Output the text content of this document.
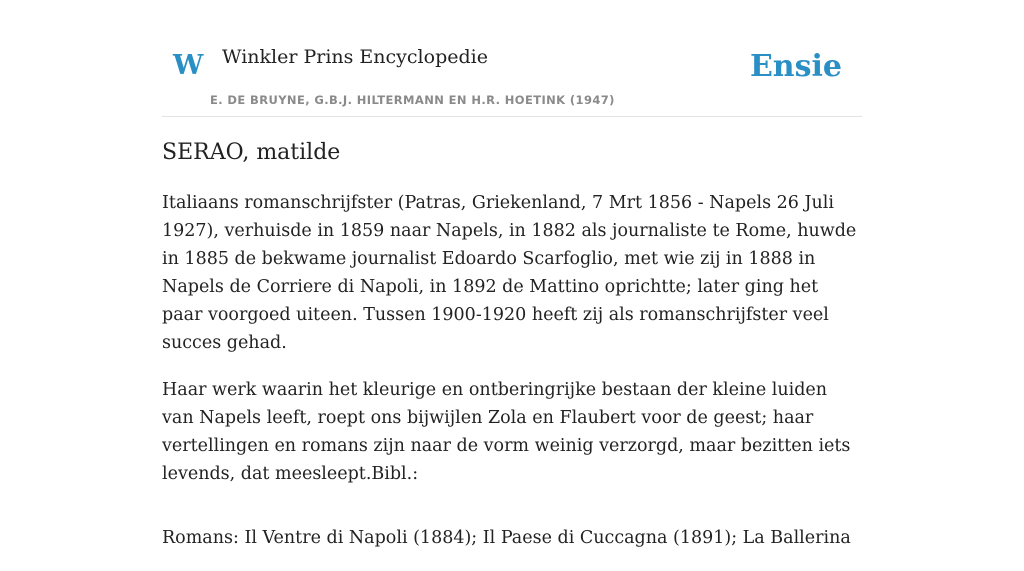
W Winkler Prins Encyclopedie
E. DE BRUYNE, G.B.J. HILTERMANN EN H.R. HOETINK (1947)
Ensie
SERAO, matilde

Italiaans romanschrijfster (Patras, Griekenland, 7 Mrt 1856 - Napels 26 Juli 1927), verhuisde in 1859 naar Napels, in 1882 als journaliste te Rome, huwde in 1885 de bekwame journalist Edoardo Scarfoglio, met wie zij in 1888 in Napels de Corriere di Napoli, in 1892 de Mattino oprichtte; later ging het paar voorgoed uiteen. Tussen 1900-1920 heeft zij als romanschrijfster veel succes gehad.

Haar werk waarin het kleurige en ontberingrijke bestaan der kleine luiden van Napels leeft, roept ons bijwijlen Zola en Flaubert voor de geest; haar vertellingen en romans zijn naar de vorm weinig verzorgd, maar bezitten iets levends, dat meesleept.Bibl.:

Romans: Il Ventre di Napoli (1884); Il Paese di Cuccagna (1891); La Ballerina
